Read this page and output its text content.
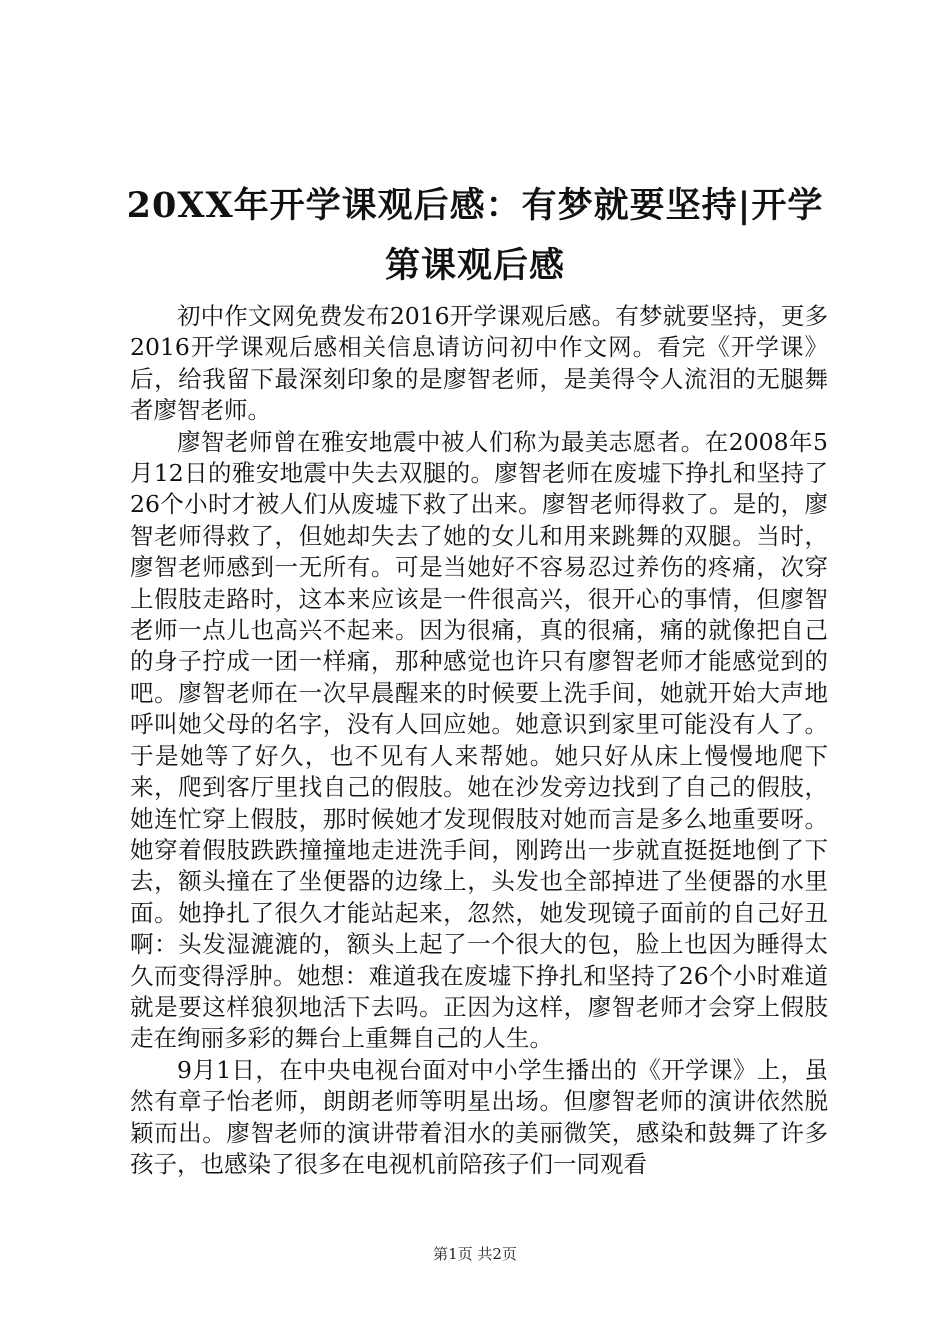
20XX年开学课观后感：有梦就要坚持|开学第课观后感

初中作文网免费发布2016开学课观后感。有梦就要坚持，更多2016开学课观后感相关信息请访问初中作文网。看完《开学课》后，给我留下最深刻印象的是廖智老师，是美得令人流泪的无腿舞者廖智老师。

廖智老师曾在雅安地震中被人们称为最美志愿者。在2008年5月12日的雅安地震中失去双腿的。廖智老师在废墟下挣扎和坚持了26个小时才被人们从废墟下救了出来。廖智老师得救了。是的，廖智老师得救了，但她却失去了她的女儿和用来跳舞的双腿。当时，廖智老师感到一无所有。可是当她好不容易忍过养伤的疼痛，次穿上假肢走路时，这本来应该是一件很高兴，很开心的事情，但廖智老师一点儿也高兴不起来。因为很痛，真的很痛，痛的就像把自己的身子拧成一团一样痛，那种感觉也许只有廖智老师才能感觉到的吧。廖智老师在一次早晨醒来的时候要上洗手间，她就开始大声地呼叫她父母的名字，没有人回应她。她意识到家里可能没有人了。于是她等了好久，也不见有人来帮她。她只好从床上慢慢地爬下来，爬到客厅里找自己的假肢。她在沙发旁边找到了自己的假肢，她连忙穿上假肢，那时候她才发现假肢对她而言是多么地重要呀。她穿着假肢跌跌撞撞地走进洗手间，刚跨出一步就直挺挺地倒了下去，额头撞在了坐便器的边缘上，头发也全部掉进了坐便器的水里面。她挣扎了很久才能站起来，忽然，她发现镜子面前的自己好丑啊：头发湿漉漉的，额头上起了一个很大的包，脸上也因为睡得太久而变得浮肿。她想：难道我在废墟下挣扎和坚持了26个小时难道就是要这样狼狈地活下去吗。正因为这样，廖智老师才会穿上假肢走在绚丽多彩的舞台上重舞自己的人生。

9月1日，在中央电视台面对中小学生播出的《开学课》上，虽然有章子怡老师，朗朗老师等明星出场。但廖智老师的演讲依然脱颖而出。廖智老师的演讲带着泪水的美丽微笑，感染和鼓舞了许多孩子，也感染了很多在电视机前陪孩子们一同观看

第1页 共2页
